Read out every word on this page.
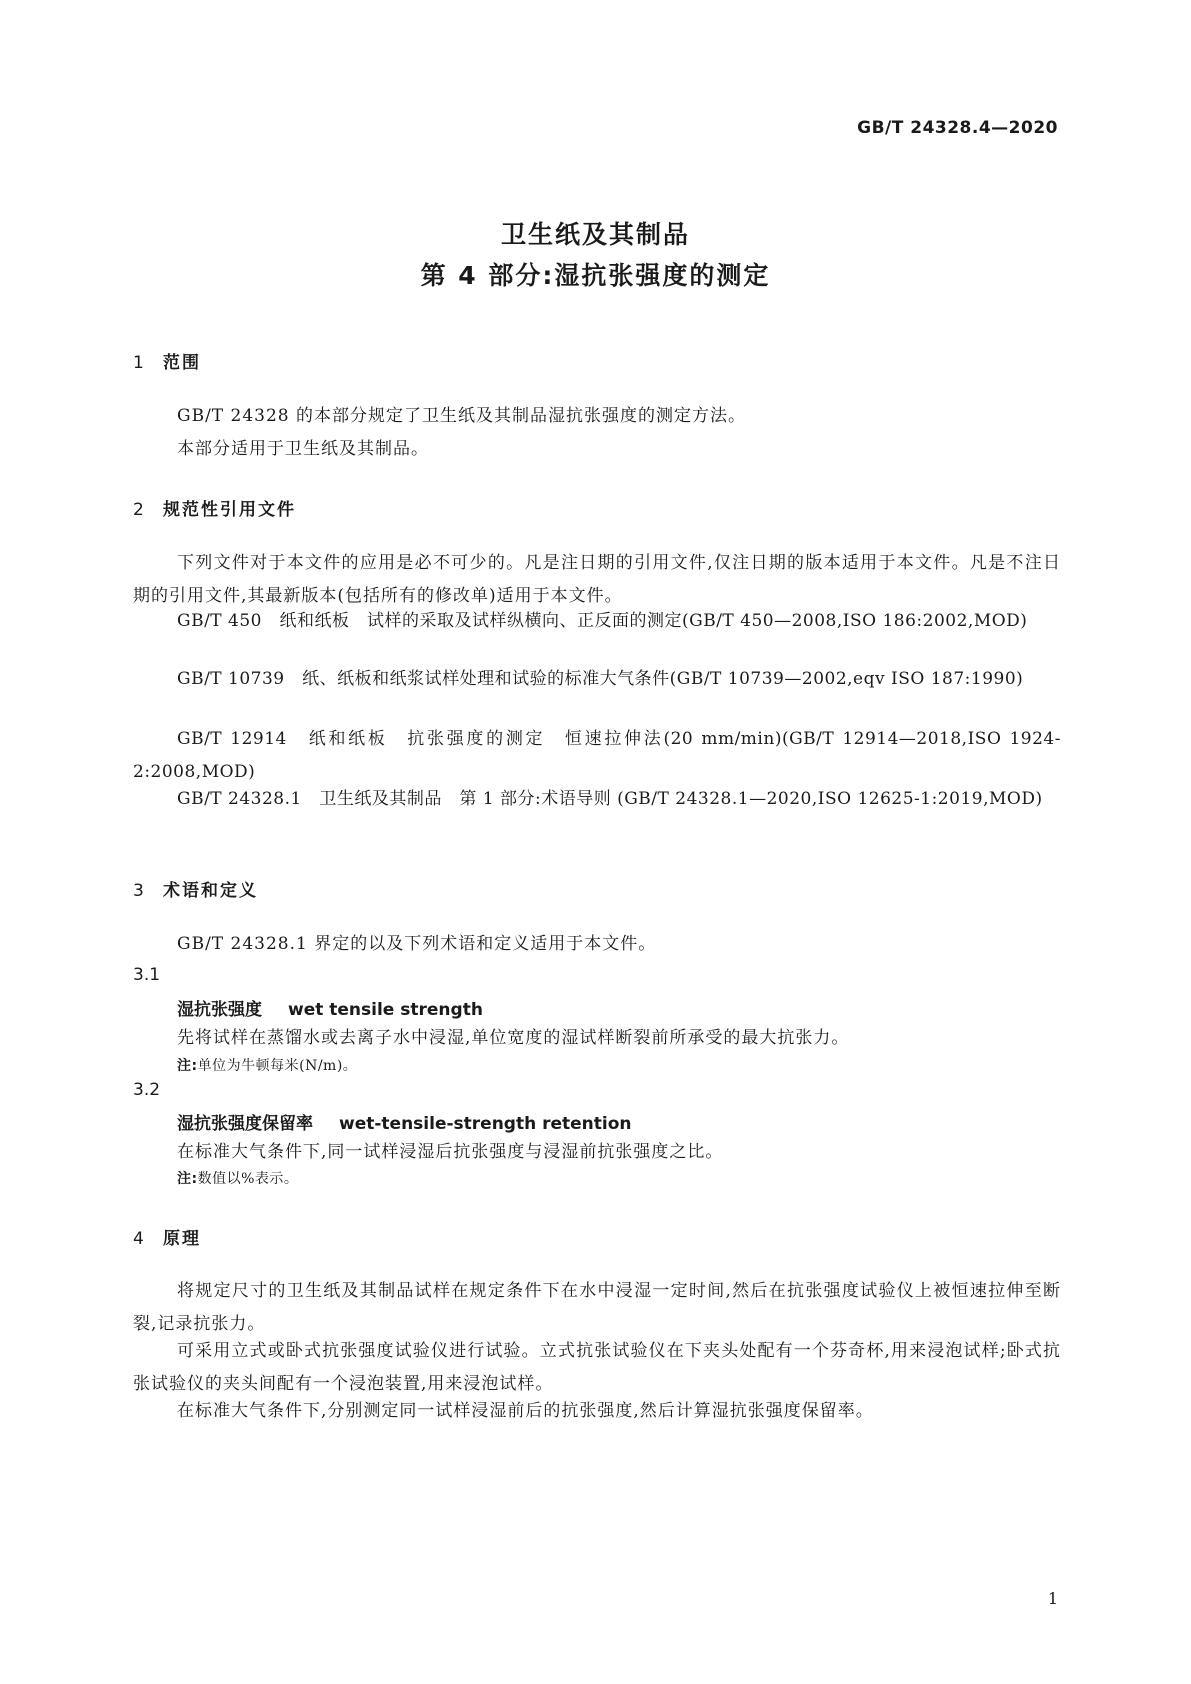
GB/T 24328.4—2020
卫生纸及其制品
第 4 部分:湿抗张强度的测定
1 范围
GB/T 24328 的本部分规定了卫生纸及其制品湿抗张强度的测定方法。
本部分适用于卫生纸及其制品。
2 规范性引用文件
下列文件对于本文件的应用是必不可少的。凡是注日期的引用文件,仅注日期的版本适用于本文件。凡是不注日期的引用文件,其最新版本(包括所有的修改单)适用于本文件。
GB/T 450　纸和纸板　试样的采取及试样纵横向、正反面的测定(GB/T 450—2008,ISO 186:2002,MOD)
GB/T 10739　纸、纸板和纸浆试样处理和试验的标准大气条件(GB/T 10739—2002,eqv ISO 187:1990)
GB/T 12914　纸和纸板　抗张强度的测定　恒速拉伸法(20 mm/min)(GB/T 12914—2018,ISO 1924-2:2008,MOD)
GB/T 24328.1　卫生纸及其制品　第 1 部分:术语导则 (GB/T 24328.1—2020,ISO 12625-1:2019,MOD)
3 术语和定义
GB/T 24328.1 界定的以及下列术语和定义适用于本文件。
3.1
湿抗张强度 wet tensile strength
先将试样在蒸馏水或去离子水中浸湿,单位宽度的湿试样断裂前所承受的最大抗张力。
注:单位为牛顿每米(N/m)。
3.2
湿抗张强度保留率 wet-tensile-strength retention
在标准大气条件下,同一试样浸湿后抗张强度与浸湿前抗张强度之比。
注:数值以%表示。
4 原理
将规定尺寸的卫生纸及其制品试样在规定条件下在水中浸湿一定时间,然后在抗张强度试验仪上被恒速拉伸至断裂,记录抗张力。
可采用立式或卧式抗张强度试验仪进行试验。立式抗张试验仪在下夹头处配有一个芬奇杯,用来浸泡试样;卧式抗张试验仪的夹头间配有一个浸泡装置,用来浸泡试样。
在标准大气条件下,分别测定同一试样浸湿前后的抗张强度,然后计算湿抗张强度保留率。
1
